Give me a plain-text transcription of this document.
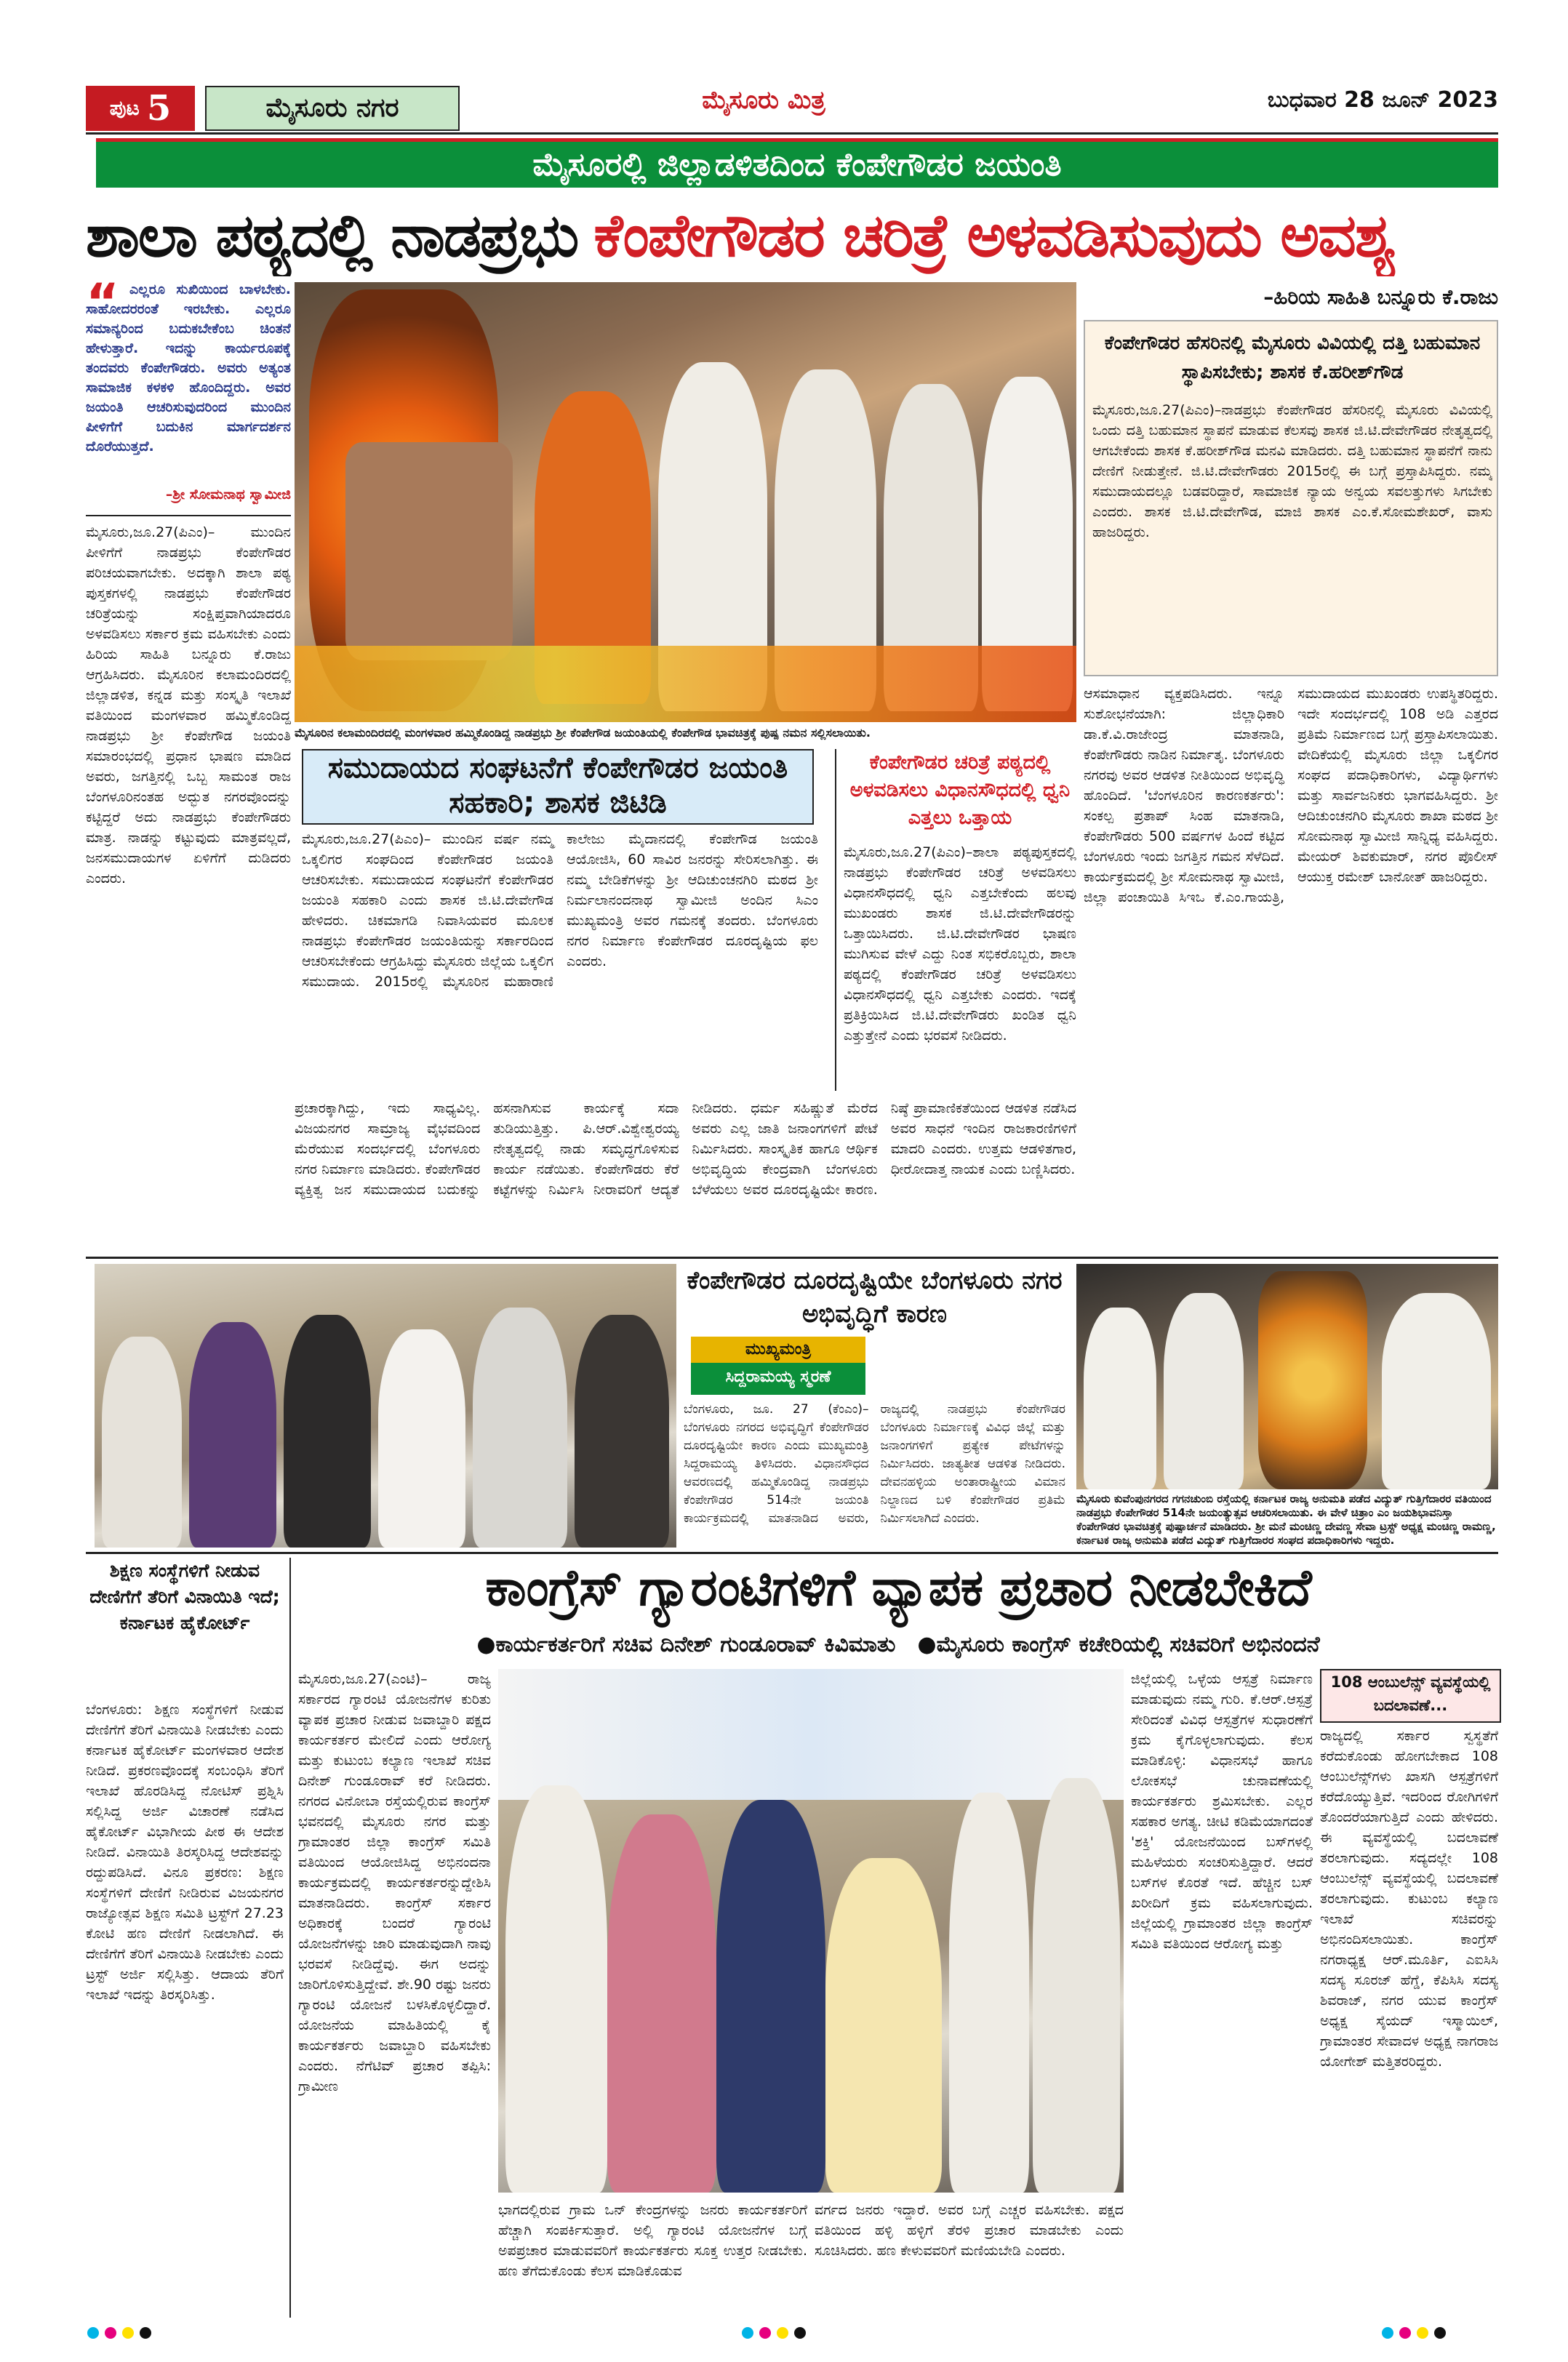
ಪುಟ 5	ಮೈಸೂರು ನಗರ	ಮೈಸೂರು ಮಿತ್ರ	ಬುಧವಾರ 28 ಜೂನ್ 2023
ಮೈಸೂರಲ್ಲಿ ಜಿಲ್ಲಾಡಳಿತದಿಂದ ಕೆಂಪೇಗೌಡರ ಜಯಂತಿ
ಶಾಲಾ ಪಠ್ಯದಲ್ಲಿ ನಾಡಪ್ರಭು ಕೆಂಪೇಗೌಡರ ಚರಿತ್ರೆ ಅಳವಡಿಸುವುದು ಅವಶ್ಯ
–ಹಿರಿಯ ಸಾಹಿತಿ ಬನ್ನೂರು ಕೆ.ರಾಜು
“ ಎಲ್ಲರೂ ಸುಖಿಯಿಂದ ಬಾಳಬೇಕು. ಸಾಹೋದರರಂತೆ ಇರಬೇಕು. ಎಲ್ಲರೂ ಸಮಾನ್ಯರಿಂದ ಬದುಕಬೇಕೆಂಬ ಚಿಂತನೆ ಹೇಳುತ್ತಾರೆ. ಇದನ್ನು ಕಾರ್ಯರೂಪಕ್ಕೆ ತಂದವರು ಕೆಂಪೇಗೌಡರು. ಅವರು ಅತ್ಯಂತ ಸಾಮಾಜಿಕ ಕಳಕಳಿ ಹೊಂದಿದ್ದರು. ಅವರ ಜಯಂತಿ ಆಚರಿಸುವುದರಿಂದ ಮುಂದಿನ ಪೀಳಿಗೆಗೆ ಬದುಕಿನ ಮಾರ್ಗದರ್ಶನ ದೊರೆಯುತ್ತದೆ.
–ಶ್ರೀ ಸೋಮನಾಥ ಸ್ವಾಮೀಜಿ
ಮೈಸೂರು,ಜೂ.27(ಪಿಎಂ)– ಮುಂದಿನ ಪೀಳಿಗೆಗೆ ನಾಡಪ್ರಭು ಕೆಂಪೇಗೌಡರ ಪರಿಚಯವಾಗಬೇಕು. ಅದಕ್ಕಾಗಿ ಶಾಲಾ ಪಠ್ಯ ಪುಸ್ತಕಗಳಲ್ಲಿ ನಾಡಪ್ರಭು ಕೆಂಪೇಗೌಡರ ಚರಿತ್ರೆಯನ್ನು ಸಂಕ್ಷಿಪ್ತವಾಗಿಯಾದರೂ ಅಳವಡಿಸಲು ಸರ್ಕಾರ ಕ್ರಮ ವಹಿಸಬೇಕು ಎಂದು ಹಿರಿಯ ಸಾಹಿತಿ ಬನ್ನೂರು ಕೆ.ರಾಜು ಆಗ್ರಹಿಸಿದರು. ಮೈಸೂರಿನ ಕಲಾಮಂದಿರದಲ್ಲಿ ಜಿಲ್ಲಾಡಳಿತ, ಕನ್ನಡ ಮತ್ತು ಸಂಸ್ಕೃತಿ ಇಲಾಖೆ ವತಿಯಿಂದ ಮಂಗಳವಾರ ಹಮ್ಮಿಕೊಂಡಿದ್ದ ನಾಡಪ್ರಭು ಶ್ರೀ ಕೆಂಪೇಗೌಡ ಜಯಂತಿ ಸಮಾರಂಭದಲ್ಲಿ ಪ್ರಧಾನ ಭಾಷಣ ಮಾಡಿದ ಅವರು, ಜಗತ್ತಿನಲ್ಲಿ ಒಬ್ಬ ಸಾಮಂತ ರಾಜ ಬೆಂಗಳೂರಿನಂತಹ ಅದ್ಭುತ ನಗರವೊಂದನ್ನು ಕಟ್ಟಿದ್ದರೆ ಅದು ನಾಡಪ್ರಭು ಕೆಂಪೇಗೌಡರು ಮಾತ್ರ. ನಾಡನ್ನು ಕಟ್ಟುವುದು ಮಾತ್ರವಲ್ಲದೆ, ಜನಸಮುದಾಯಗಳ ಏಳಿಗೆಗೆ ದುಡಿದರು ಎಂದರು.
ಮೈಸೂರಿನ ಕಲಾಮಂದಿರದಲ್ಲಿ ಮಂಗಳವಾರ ಹಮ್ಮಿಕೊಂಡಿದ್ದ ನಾಡಪ್ರಭು ಶ್ರೀ ಕೆಂಪೇಗೌಡ ಜಯಂತಿಯಲ್ಲಿ ಕೆಂಪೇಗೌಡ ಭಾವಚಿತ್ರಕ್ಕೆ ಪುಷ್ಪ ನಮನ ಸಲ್ಲಿಸಲಾಯಿತು.
ಕೆಂಪೇಗೌಡರ ಹೆಸರಿನಲ್ಲಿ ಮೈಸೂರು ವಿವಿಯಲ್ಲಿ ದತ್ತಿ ಬಹುಮಾನ ಸ್ಥಾಪಿಸಬೇಕು; ಶಾಸಕ ಕೆ.ಹರೀಶ್‌ಗೌಡ
ಮೈಸೂರು,ಜೂ.27(ಪಿಎಂ)–ನಾಡಪ್ರಭು ಕೆಂಪೇಗೌಡರ ಹೆಸರಿನಲ್ಲಿ ಮೈಸೂರು ವಿವಿಯಲ್ಲಿ ಒಂದು ದತ್ತಿ ಬಹುಮಾನ ಸ್ಥಾಪನೆ ಮಾಡುವ ಕೆಲಸವು ಶಾಸಕ ಜಿ.ಟಿ.ದೇವೇಗೌಡರ ನೇತೃತ್ವದಲ್ಲಿ ಆಗಬೇಕೆಂದು ಶಾಸಕ ಕೆ.ಹರೀಶ್‌ಗೌಡ ಮನವಿ ಮಾಡಿದರು. ದತ್ತಿ ಬಹುಮಾನ ಸ್ಥಾಪನೆಗೆ ನಾನು ದೇಣಿಗೆ ನೀಡುತ್ತೇನೆ. ಜಿ.ಟಿ.ದೇವೇಗೌಡರು 2015ರಲ್ಲಿ ಈ ಬಗ್ಗೆ ಪ್ರಸ್ತಾಪಿಸಿದ್ದರು. ನಮ್ಮ ಸಮುದಾಯದಲ್ಲೂ ಬಡವರಿದ್ದಾರೆ, ಸಾಮಾಜಿಕ ನ್ಯಾಯ ಅನ್ವಯ ಸವಲತ್ತುಗಳು ಸಿಗಬೇಕು ಎಂದರು. ಶಾಸಕ ಜಿ.ಟಿ.ದೇವೇಗೌಡ, ಮಾಜಿ ಶಾಸಕ ಎಂ.ಕೆ.ಸೋಮಶೇಖರ್, ವಾಸು ಹಾಜರಿದ್ದರು.
ಆಸಮಾಧಾನ ವ್ಯಕ್ತಪಡಿಸಿದರು. ಇನ್ನೂ ಸುಶೋಭನೆಯಾಗಿ: ಜಿಲ್ಲಾಧಿಕಾರಿ ಡಾ.ಕೆ.ವಿ.ರಾಜೇಂದ್ರ ಮಾತನಾಡಿ, ಕೆಂಪೇಗೌಡರು ನಾಡಿನ ನಿರ್ಮಾತೃ. ಬೆಂಗಳೂರು ನಗರವು ಅವರ ಆಡಳಿತ ನೀತಿಯಿಂದ ಅಭಿವೃದ್ಧಿ ಹೊಂದಿದೆ. 'ಬೆಂಗಳೂರಿನ ಕಾರಣಕರ್ತರು': ಸಂಕಲ್ಪ ಪ್ರತಾಪ್ ಸಿಂಹ ಮಾತನಾಡಿ, ಕೆಂಪೇಗೌಡರು 500 ವರ್ಷಗಳ ಹಿಂದೆ ಕಟ್ಟಿದ ಬೆಂಗಳೂರು ಇಂದು ಜಗತ್ತಿನ ಗಮನ ಸೆಳೆದಿದೆ. ಕಾರ್ಯಕ್ರಮದಲ್ಲಿ ಶ್ರೀ ಸೋಮನಾಥ ಸ್ವಾಮೀಜಿ, ಜಿಲ್ಲಾ ಪಂಚಾಯಿತಿ ಸಿಇಒ ಕೆ.ಎಂ.ಗಾಯತ್ರಿ, ಸಮುದಾಯದ ಮುಖಂಡರು ಉಪಸ್ಥಿತರಿದ್ದರು. ಇದೇ ಸಂದರ್ಭದಲ್ಲಿ 108 ಅಡಿ ಎತ್ತರದ ಪ್ರತಿಮೆ ನಿರ್ಮಾಣದ ಬಗ್ಗೆ ಪ್ರಸ್ತಾಪಿಸಲಾಯಿತು. ವೇದಿಕೆಯಲ್ಲಿ ಮೈಸೂರು ಜಿಲ್ಲಾ ಒಕ್ಕಲಿಗರ ಸಂಘದ ಪದಾಧಿಕಾರಿಗಳು, ವಿದ್ಯಾರ್ಥಿಗಳು ಮತ್ತು ಸಾರ್ವಜನಿಕರು ಭಾಗವಹಿಸಿದ್ದರು. ಶ್ರೀ ಆದಿಚುಂಚನಗಿರಿ ಮೈಸೂರು ಶಾಖಾ ಮಠದ ಶ್ರೀ ಸೋಮನಾಥ ಸ್ವಾಮೀಜಿ ಸಾನ್ನಿಧ್ಯ ವಹಿಸಿದ್ದರು. ಮೇಯರ್ ಶಿವಕುಮಾರ್, ನಗರ ಪೊಲೀಸ್ ಆಯುಕ್ತ ರಮೇಶ್ ಬಾನೋತ್ ಹಾಜರಿದ್ದರು.
ಸಮುದಾಯದ ಸಂಘಟನೆಗೆ ಕೆಂಪೇಗೌಡರ ಜಯಂತಿ ಸಹಕಾರಿ; ಶಾಸಕ ಜಿಟಿಡಿ
ಮೈಸೂರು,ಜೂ.27(ಪಿಎಂ)– ಮುಂದಿನ ವರ್ಷ ನಮ್ಮ ಒಕ್ಕಲಿಗರ ಸಂಘದಿಂದ ಕೆಂಪೇಗೌಡರ ಜಯಂತಿ ಆಚರಿಸಬೇಕು. ಸಮುದಾಯದ ಸಂಘಟನೆಗೆ ಕೆಂಪೇಗೌಡರ ಜಯಂತಿ ಸಹಕಾರಿ ಎಂದು ಶಾಸಕ ಜಿ.ಟಿ.ದೇವೇಗೌಡ ಹೇಳಿದರು. ಚಿಕಮಾಗಡಿ ನಿವಾಸಿಯವರ ಮೂಲಕ ನಾಡಪ್ರಭು ಕೆಂಪೇಗೌಡರ ಜಯಂತಿಯನ್ನು ಸರ್ಕಾರದಿಂದ ಆಚರಿಸಬೇಕೆಂದು ಆಗ್ರಹಿಸಿದ್ದು ಮೈಸೂರು ಜಿಲ್ಲೆಯ ಒಕ್ಕಲಿಗ ಸಮುದಾಯ. 2015ರಲ್ಲಿ ಮೈಸೂರಿನ ಮಹಾರಾಣಿ ಕಾಲೇಜು ಮೈದಾನದಲ್ಲಿ ಕೆಂಪೇಗೌಡ ಜಯಂತಿ ಆಯೋಜಿಸಿ, 60 ಸಾವಿರ ಜನರನ್ನು ಸೇರಿಸಲಾಗಿತ್ತು. ಈ ನಮ್ಮ ಬೇಡಿಕೆಗಳನ್ನು ಶ್ರೀ ಆದಿಚುಂಚನಗಿರಿ ಮಠದ ಶ್ರೀ ನಿರ್ಮಲಾನಂದನಾಥ ಸ್ವಾಮೀಜಿ ಅಂದಿನ ಸಿಎಂ ಮುಖ್ಯಮಂತ್ರಿ ಅವರ ಗಮನಕ್ಕೆ ತಂದರು. ಬೆಂಗಳೂರು ನಗರ ನಿರ್ಮಾಣ ಕೆಂಪೇಗೌಡರ ದೂರದೃಷ್ಟಿಯ ಫಲ ಎಂದರು.
ಕೆಂಪೇಗೌಡರ ಚರಿತ್ರೆ ಪಠ್ಯದಲ್ಲಿ ಅಳವಡಿಸಲು ವಿಧಾನಸೌಧದಲ್ಲಿ ಧ್ವನಿ ಎತ್ತಲು ಒತ್ತಾಯ
ಮೈಸೂರು,ಜೂ.27(ಪಿಎಂ)–ಶಾಲಾ ಪಠ್ಯಪುಸ್ತಕದಲ್ಲಿ ನಾಡಪ್ರಭು ಕೆಂಪೇಗೌಡರ ಚರಿತ್ರೆ ಅಳವಡಿಸಲು ವಿಧಾನಸೌಧದಲ್ಲಿ ಧ್ವನಿ ಎತ್ತಬೇಕೆಂದು ಹಲವು ಮುಖಂಡರು ಶಾಸಕ ಜಿ.ಟಿ.ದೇವೇಗೌಡರನ್ನು ಒತ್ತಾಯಿಸಿದರು. ಜಿ.ಟಿ.ದೇವೇಗೌಡರ ಭಾಷಣ ಮುಗಿಸುವ ವೇಳೆ ಎದ್ದು ನಿಂತ ಸಭಿಕರೊಬ್ಬರು, ಶಾಲಾ ಪಠ್ಯದಲ್ಲಿ ಕೆಂಪೇಗೌಡರ ಚರಿತ್ರೆ ಅಳವಡಿಸಲು ವಿಧಾನಸೌಧದಲ್ಲಿ ಧ್ವನಿ ಎತ್ತಬೇಕು ಎಂದರು. ಇದಕ್ಕೆ ಪ್ರತಿಕ್ರಿಯಿಸಿದ ಜಿ.ಟಿ.ದೇವೇಗೌಡರು ಖಂಡಿತ ಧ್ವನಿ ಎತ್ತುತ್ತೇನೆ ಎಂದು ಭರವಸೆ ನೀಡಿದರು.
ಪ್ರಚಾರಕ್ಕಾಗಿದ್ದು, ಇದು ಸಾಧ್ಯವಿಲ್ಲ. ವಿಜಯನಗರ ಸಾಮ್ರಾಜ್ಯ ವೈಭವದಿಂದ ಮೆರೆಯುವ ಸಂದರ್ಭದಲ್ಲಿ ಬೆಂಗಳೂರು ನಗರ ನಿರ್ಮಾಣ ಮಾಡಿದರು. ಕೆಂಪೇಗೌಡರ ವ್ಯಕ್ತಿತ್ವ ಜನ ಸಮುದಾಯದ ಬದುಕನ್ನು ಹಸನಾಗಿಸುವ ಕಾರ್ಯಕ್ಕೆ ಸದಾ ತುಡಿಯುತ್ತಿತ್ತು. ಪಿ.ಆರ್.ವಿಶ್ವೇಶ್ವರಯ್ಯ ನೇತೃತ್ವದಲ್ಲಿ ನಾಡು ಸಮೃದ್ಧಗೊಳಿಸುವ ಕಾರ್ಯ ನಡೆಯಿತು. ಕೆಂಪೇಗೌಡರು ಕೆರೆ ಕಟ್ಟೆಗಳನ್ನು ನಿರ್ಮಿಸಿ ನೀರಾವರಿಗೆ ಆದ್ಯತೆ ನೀಡಿದರು. ಧರ್ಮ ಸಹಿಷ್ಣುತೆ ಮೆರೆದ ಅವರು ಎಲ್ಲ ಜಾತಿ ಜನಾಂಗಗಳಿಗೆ ಪೇಟೆ ನಿರ್ಮಿಸಿದರು. ಸಾಂಸ್ಕೃತಿಕ ಹಾಗೂ ಆರ್ಥಿಕ ಅಭಿವೃದ್ಧಿಯ ಕೇಂದ್ರವಾಗಿ ಬೆಂಗಳೂರು ಬೆಳೆಯಲು ಅವರ ದೂರದೃಷ್ಟಿಯೇ ಕಾರಣ. ನಿಷ್ಠೆ ಪ್ರಾಮಾಣಿಕತೆಯಿಂದ ಆಡಳಿತ ನಡೆಸಿದ ಅವರ ಸಾಧನೆ ಇಂದಿನ ರಾಜಕಾರಣಿಗಳಿಗೆ ಮಾದರಿ ಎಂದರು. ಉತ್ತಮ ಆಡಳಿತಗಾರ, ಧೀರೋದಾತ್ತ ನಾಯಕ ಎಂದು ಬಣ್ಣಿಸಿದರು.
ಕೆಂಪೇಗೌಡರ ದೂರದೃಷ್ಟಿಯೇ ಬೆಂಗಳೂರು ನಗರ ಅಭಿವೃದ್ಧಿಗೆ ಕಾರಣ
ಮುಖ್ಯಮಂತ್ರಿ
ಸಿದ್ದರಾಮಯ್ಯ ಸ್ಮರಣೆ
ಬೆಂಗಳೂರು, ಜೂ. 27 (ಕೆಂಎಂ)– ಬೆಂಗಳೂರು ನಗರದ ಅಭಿವೃದ್ಧಿಗೆ ಕೆಂಪೇಗೌಡರ ದೂರದೃಷ್ಟಿಯೇ ಕಾರಣ ಎಂದು ಮುಖ್ಯಮಂತ್ರಿ ಸಿದ್ದರಾಮಯ್ಯ ತಿಳಿಸಿದರು. ವಿಧಾನಸೌಧದ ಆವರಣದಲ್ಲಿ ಹಮ್ಮಿಕೊಂಡಿದ್ದ ನಾಡಪ್ರಭು ಕೆಂಪೇಗೌಡರ 514ನೇ ಜಯಂತಿ ಕಾರ್ಯಕ್ರಮದಲ್ಲಿ ಮಾತನಾಡಿದ ಅವರು, ರಾಜ್ಯದಲ್ಲಿ ನಾಡಪ್ರಭು ಕೆಂಪೇಗೌಡರ ಬೆಂಗಳೂರು ನಿರ್ಮಾಣಕ್ಕೆ ವಿವಿಧ ಜಿಲ್ಲೆ ಮತ್ತು ಜನಾಂಗಗಳಿಗೆ ಪ್ರತ್ಯೇಕ ಪೇಟೆಗಳನ್ನು ನಿರ್ಮಿಸಿದರು. ಜಾತ್ಯತೀತ ಆಡಳಿತ ನೀಡಿದರು. ದೇವನಹಳ್ಳಿಯ ಅಂತಾರಾಷ್ಟ್ರೀಯ ವಿಮಾನ ನಿಲ್ದಾಣದ ಬಳಿ ಕೆಂಪೇಗೌಡರ ಪ್ರತಿಮೆ ನಿರ್ಮಿಸಲಾಗಿದೆ ಎಂದರು.
ಮೈಸೂರು ಕುವೆಂಪುನಗರದ ಗಗನಚುಂಬಿ ರಸ್ತೆಯಲ್ಲಿ ಕರ್ನಾಟಕ ರಾಜ್ಯ ಅನುಮತಿ ಪಡೆದ ವಿದ್ಯುತ್ ಗುತ್ತಿಗೆದಾರರ ವತಿಯಿಂದ ನಾಡಪ್ರಭು ಕೆಂಪೇಗೌಡರ 514ನೇ ಜಯಂತ್ಯುತ್ಸವ ಆಚರಿಸಲಾಯಿತು. ಈ ವೇಳೆ ಚಿತ್ರಾಂ ಎಂ ಜಯಶಿಭಾವನಿಸ್ತಾ ಕೆಂಪೇಗೌಡರ ಭಾವಚಿತ್ರಕ್ಕೆ ಪುಷ್ಪಾರ್ಚನೆ ಮಾಡಿದರು. ಶ್ರೀ ಮನೆ ಮಂಚಿಣ್ಣ ದೇವಣ್ಣ ಸೇವಾ ಟ್ರಸ್ಟ್ ಅಧ್ಯಕ್ಷ ಮಂಚಿಣ್ಣ ರಾಮಣ್ಣ, ಕರ್ನಾಟಕ ರಾಜ್ಯ ಅನುಮತಿ ಪಡೆದ ವಿದ್ಯುತ್ ಗುತ್ತಿಗೆದಾರರ ಸಂಘದ ಪದಾಧಿಕಾರಿಗಳು ಇದ್ದರು.
ಶಿಕ್ಷಣ ಸಂಸ್ಥೆಗಳಿಗೆ ನೀಡುವ ದೇಣಿಗೆಗೆ ತೆರಿಗೆ ವಿನಾಯಿತಿ ಇದೆ; ಕರ್ನಾಟಕ ಹೈಕೋರ್ಟ್
ಬೆಂಗಳೂರು: ಶಿಕ್ಷಣ ಸಂಸ್ಥೆಗಳಿಗೆ ನೀಡುವ ದೇಣಿಗೆಗೆ ತೆರಿಗೆ ವಿನಾಯಿತಿ ನೀಡಬೇಕು ಎಂದು ಕರ್ನಾಟಕ ಹೈಕೋರ್ಟ್ ಮಂಗಳವಾರ ಆದೇಶ ನೀಡಿದೆ. ಪ್ರಕರಣವೊಂದಕ್ಕೆ ಸಂಬಂಧಿಸಿ ತೆರಿಗೆ ಇಲಾಖೆ ಹೊರಡಿಸಿದ್ದ ನೋಟಿಸ್ ಪ್ರಶ್ನಿಸಿ ಸಲ್ಲಿಸಿದ್ದ ಅರ್ಜಿ ವಿಚಾರಣೆ ನಡೆಸಿದ ಹೈಕೋರ್ಟ್ ವಿಭಾಗೀಯ ಪೀಠ ಈ ಆದೇಶ ನೀಡಿದೆ. ವಿನಾಯಿತಿ ತಿರಸ್ಕರಿಸಿದ್ದ ಆದೇಶವನ್ನು ರದ್ದುಪಡಿಸಿದೆ. ವಿನೂ ಪ್ರಕರಣ: ಶಿಕ್ಷಣ ಸಂಸ್ಥೆಗಳಿಗೆ ದೇಣಿಗೆ ನೀಡಿರುವ ವಿಜಯನಗರ ರಾಜ್ಯೋತ್ಸವ ಶಿಕ್ಷಣ ಸಮಿತಿ ಟ್ರಸ್ಟ್‌ಗೆ 27.23 ಕೋಟಿ ಹಣ ದೇಣಿಗೆ ನೀಡಲಾಗಿದೆ. ಈ ದೇಣಿಗೆಗೆ ತೆರಿಗೆ ವಿನಾಯಿತಿ ನೀಡಬೇಕು ಎಂದು ಟ್ರಸ್ಟ್ ಅರ್ಜಿ ಸಲ್ಲಿಸಿತ್ತು. ಆದಾಯ ತೆರಿಗೆ ಇಲಾಖೆ ಇದನ್ನು ತಿರಸ್ಕರಿಸಿತ್ತು.
ಕಾಂಗ್ರೆಸ್ ಗ್ಯಾರಂಟಿಗಳಿಗೆ ವ್ಯಾಪಕ ಪ್ರಚಾರ ನೀಡಬೇಕಿದೆ
●ಕಾರ್ಯಕರ್ತರಿಗೆ ಸಚಿವ ದಿನೇಶ್ ಗುಂಡೂರಾವ್ ಕಿವಿಮಾತು ●ಮೈಸೂರು ಕಾಂಗ್ರೆಸ್ ಕಚೇರಿಯಲ್ಲಿ ಸಚಿವರಿಗೆ ಅಭಿನಂದನೆ
ಮೈಸೂರು,ಜೂ.27(ಎಂಟಿ)– ರಾಜ್ಯ ಸರ್ಕಾರದ ಗ್ಯಾರಂಟಿ ಯೋಜನೆಗಳ ಕುರಿತು ವ್ಯಾಪಕ ಪ್ರಚಾರ ನೀಡುವ ಜವಾಬ್ದಾರಿ ಪಕ್ಷದ ಕಾರ್ಯಕರ್ತರ ಮೇಲಿದೆ ಎಂದು ಆರೋಗ್ಯ ಮತ್ತು ಕುಟುಂಬ ಕಲ್ಯಾಣ ಇಲಾಖೆ ಸಚಿವ ದಿನೇಶ್ ಗುಂಡೂರಾವ್ ಕರೆ ನೀಡಿದರು. ನಗರದ ವಿನೋಬಾ ರಸ್ತೆಯಲ್ಲಿರುವ ಕಾಂಗ್ರೆಸ್ ಭವನದಲ್ಲಿ ಮೈಸೂರು ನಗರ ಮತ್ತು ಗ್ರಾಮಾಂತರ ಜಿಲ್ಲಾ ಕಾಂಗ್ರೆಸ್ ಸಮಿತಿ ವತಿಯಿಂದ ಆಯೋಜಿಸಿದ್ದ ಅಭಿನಂದನಾ ಕಾರ್ಯಕ್ರಮದಲ್ಲಿ ಕಾರ್ಯಕರ್ತರನ್ನುದ್ದೇಶಿಸಿ ಮಾತನಾಡಿದರು. ಕಾಂಗ್ರೆಸ್ ಸರ್ಕಾರ ಅಧಿಕಾರಕ್ಕೆ ಬಂದರೆ ಗ್ಯಾರಂಟಿ ಯೋಜನೆಗಳನ್ನು ಜಾರಿ ಮಾಡುವುದಾಗಿ ನಾವು ಭರವಸೆ ನೀಡಿದ್ದೆವು. ಈಗ ಅದನ್ನು ಜಾರಿಗೊಳಿಸುತ್ತಿದ್ದೇವೆ. ಶೇ.90 ರಷ್ಟು ಜನರು ಗ್ಯಾರಂಟಿ ಯೋಜನೆ ಬಳಸಿಕೊಳ್ಳಲಿದ್ದಾರೆ. ಯೋಜನೆಯ ಮಾಹಿತಿಯಲ್ಲಿ ಕೈ ಕಾರ್ಯಕರ್ತರು ಜವಾಬ್ದಾರಿ ವಹಿಸಬೇಕು ಎಂದರು. ನೆಗೆಟಿವ್ ಪ್ರಚಾರ ತಪ್ಪಿಸಿ: ಗ್ರಾಮೀಣ
ಭಾಗದಲ್ಲಿರುವ ಗ್ರಾಮ ಒನ್ ಕೇಂದ್ರಗಳನ್ನು ಜನರು ಕಾರ್ಯಕರ್ತರಿಗೆ ಹೆಚ್ಚಾಗಿ ಸಂಪರ್ಕಿಸುತ್ತಾರೆ. ಅಲ್ಲಿ ಗ್ಯಾರಂಟಿ ಯೋಜನೆಗಳ ಬಗ್ಗೆ ಅಪಪ್ರಚಾರ ಮಾಡುವವರಿಗೆ ಕಾರ್ಯಕರ್ತರು ಸೂಕ್ತ ಉತ್ತರ ನೀಡಬೇಕು. ಹಣ ತೆಗೆದುಕೊಂಡು ಕೆಲಸ ಮಾಡಿಕೊಡುವ
ವರ್ಗದ ಜನರು ಇದ್ದಾರೆ. ಅವರ ಬಗ್ಗೆ ಎಚ್ಚರ ವಹಿಸಬೇಕು. ಪಕ್ಷದ ವತಿಯಿಂದ ಹಳ್ಳಿ ಹಳ್ಳಿಗೆ ತೆರಳಿ ಪ್ರಚಾರ ಮಾಡಬೇಕು ಎಂದು ಸೂಚಿಸಿದರು. ಹಣ ಕೇಳುವವರಿಗೆ ಮಣಿಯಬೇಡಿ ಎಂದರು.
ಜಿಲ್ಲೆಯಲ್ಲಿ ಒಳ್ಳೆಯ ಆಸ್ಪತ್ರೆ ನಿರ್ಮಾಣ ಮಾಡುವುದು ನಮ್ಮ ಗುರಿ. ಕೆ.ಆರ್.ಆಸ್ಪತ್ರೆ ಸೇರಿದಂತೆ ವಿವಿಧ ಆಸ್ಪತ್ರೆಗಳ ಸುಧಾರಣೆಗೆ ಕ್ರಮ ಕೈಗೊಳ್ಳಲಾಗುವುದು. ಕೆಲಸ ಮಾಡಿಕೊಳ್ಳಿ: ವಿಧಾನಸಭೆ ಹಾಗೂ ಲೋಕಸಭೆ ಚುನಾವಣೆಯಲ್ಲಿ ಕಾರ್ಯಕರ್ತರು ಶ್ರಮಿಸಬೇಕು. ಎಲ್ಲರ ಸಹಕಾರ ಅಗತ್ಯ. ಚೀಟಿ ಕಡಿಮೆಯಾಗದಂತೆ 'ಶಕ್ತಿ' ಯೋಜನೆಯಿಂದ ಬಸ್‌ಗಳಲ್ಲಿ ಮಹಿಳೆಯರು ಸಂಚರಿಸುತ್ತಿದ್ದಾರೆ. ಆದರೆ ಬಸ್‌ಗಳ ಕೊರತೆ ಇದೆ. ಹೆಚ್ಚಿನ ಬಸ್ ಖರೀದಿಗೆ ಕ್ರಮ ವಹಿಸಲಾಗುವುದು. ಜಿಲ್ಲೆಯಲ್ಲಿ ಗ್ರಾಮಾಂತರ ಜಿಲ್ಲಾ ಕಾಂಗ್ರೆಸ್ ಸಮಿತಿ ವತಿಯಿಂದ ಆರೋಗ್ಯ ಮತ್ತು
108 ಆಂಬುಲೆನ್ಸ್ ವ್ಯವಸ್ಥೆಯಲ್ಲಿ ಬದಲಾವಣೆ...
ರಾಜ್ಯದಲ್ಲಿ ಸರ್ಕಾರ ಸ್ವಸ್ಥತೆಗೆ ಕರೆದುಕೊಂಡು ಹೋಗಬೇಕಾದ 108 ಆಂಬುಲೆನ್ಸ್‌ಗಳು ಖಾಸಗಿ ಆಸ್ಪತ್ರೆಗಳಿಗೆ ಕರೆದೊಯ್ಯುತ್ತಿವೆ. ಇದರಿಂದ ರೋಗಿಗಳಿಗೆ ತೊಂದರೆಯಾಗುತ್ತಿದೆ ಎಂದು ಹೇಳಿದರು. ಈ ವ್ಯವಸ್ಥೆಯಲ್ಲಿ ಬದಲಾವಣೆ ತರಲಾಗುವುದು. ಸದ್ಯದಲ್ಲೇ 108 ಆಂಬುಲೆನ್ಸ್ ವ್ಯವಸ್ಥೆಯಲ್ಲಿ ಬದಲಾವಣೆ ತರಲಾಗುವುದು. ಕುಟುಂಬ ಕಲ್ಯಾಣ ಇಲಾಖೆ ಸಚಿವರನ್ನು ಅಭಿನಂದಿಸಲಾಯಿತು. ಕಾಂಗ್ರೆಸ್ ನಗರಾಧ್ಯಕ್ಷ ಆರ್.ಮೂರ್ತಿ, ಎಐಸಿಸಿ ಸದಸ್ಯ ಸೂರಜ್ ಹೆಗ್ಡೆ, ಕೆಪಿಸಿಸಿ ಸದಸ್ಯ ಶಿವರಾಜ್, ನಗರ ಯುವ ಕಾಂಗ್ರೆಸ್ ಅಧ್ಯಕ್ಷ ಸೈಯದ್ ಇಸ್ಮಾಯಿಲ್, ಗ್ರಾಮಾಂತರ ಸೇವಾದಳ ಅಧ್ಯಕ್ಷ ನಾಗರಾಜ ಯೋಗೇಶ್ ಮತ್ತಿತರರಿದ್ದರು.
